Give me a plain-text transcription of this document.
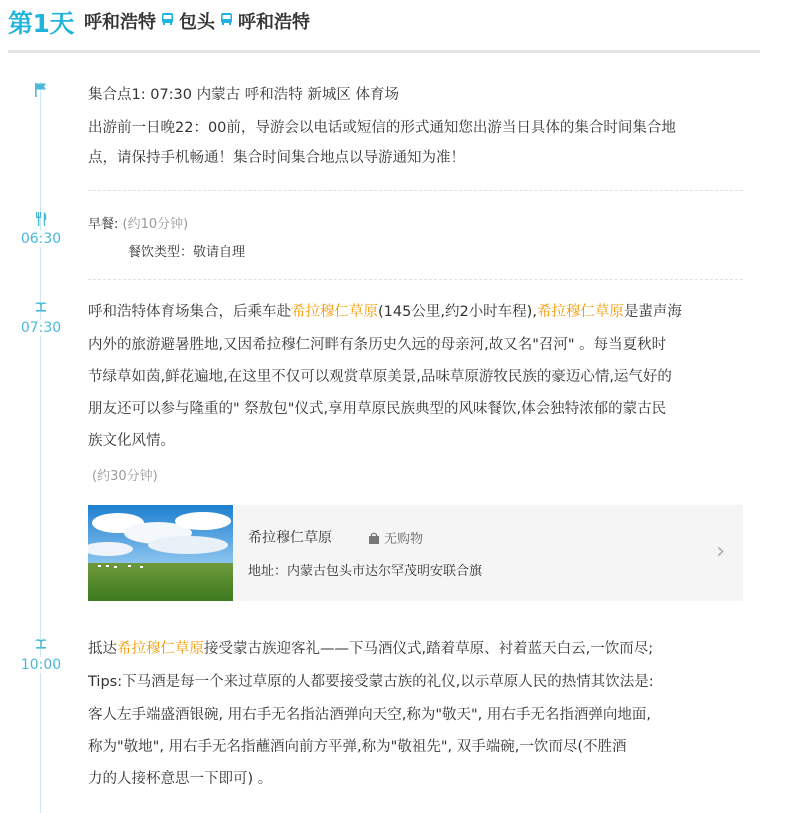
第1天 呼和浩特 包头 呼和浩特
集合点1: 07:30 内蒙古 呼和浩特 新城区 体育场
出游前一日晚22：00前，导游会以电话或短信的形式通知您出游当日具体的集合时间集合地
点，请保持手机畅通！集合时间集合地点以导游通知为准！
06:30
早餐: (约10分钟)
餐饮类型：敬请自理
07:30
呼和浩特体育场集合，后乘车赴希拉穆仁草原(145公里,约2小时车程),希拉穆仁草原是蜚声海
内外的旅游避暑胜地,又因希拉穆仁河畔有条历史久远的母亲河,故又名"召河" 。每当夏秋时
节绿草如茵,鲜花遍地,在这里不仅可以观赏草原美景,品味草原游牧民族的豪迈心情,运气好的
朋友还可以参与隆重的" 祭敖包"仪式,享用草原民族典型的风味餐饮,体会独特浓郁的蒙古民
族文化风情。
(约30分钟)
希拉穆仁草原	无购物
地址：内蒙古包头市达尔罕茂明安联合旗
›
10:00
抵达希拉穆仁草原接受蒙古族迎客礼——下马酒仪式,踏着草原、衬着蓝天白云,一饮而尽;
Tips:下马酒是每一个来过草原的人都要接受蒙古族的礼仪,以示草原人民的热情其饮法是:
客人左手端盛酒银碗, 用右手无名指沾酒弹向天空,称为"敬天", 用右手无名指酒弹向地面,
称为"敬地", 用右手无名指蘸酒向前方平弹,称为"敬祖先", 双手端碗,一饮而尽(不胜酒
力的人接杯意思一下即可) 。
